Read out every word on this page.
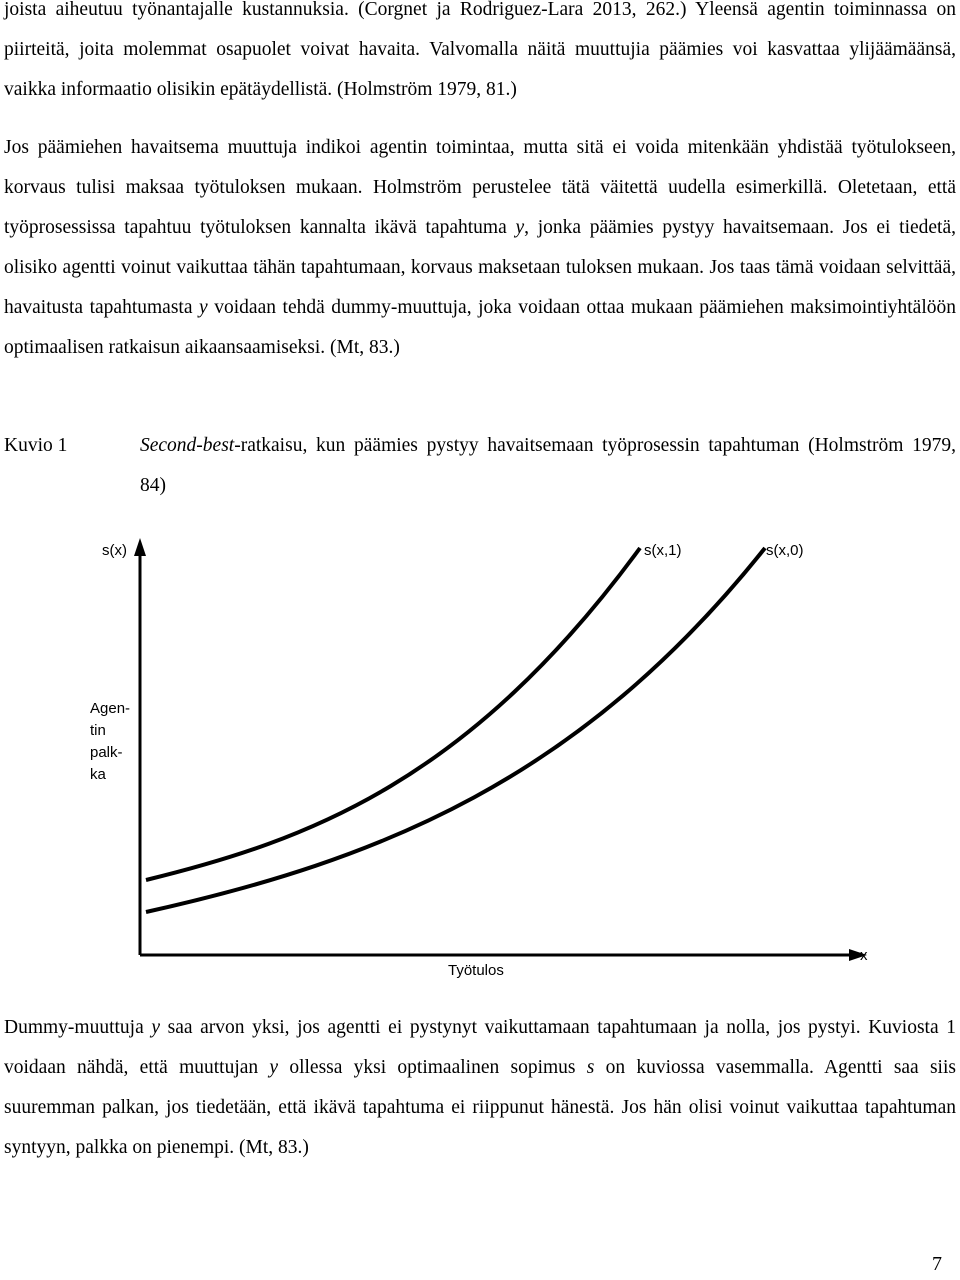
joista aiheutuu työnantajalle kustannuksia. (Corgnet ja Rodriguez-Lara 2013, 262.) Yleensä agentin toiminnassa on piirteitä, joita molemmat osapuolet voivat havaita. Valvomalla näitä muuttujia päämies voi kasvattaa ylijäämäänsä, vaikka informaatio olisikin epätäydellistä. (Holmström 1979, 81.)

Jos päämiehen havaitsema muuttuja indikoi agentin toimintaa, mutta sitä ei voida mitenkään yhdistää työtulokseen, korvaus tulisi maksaa työtuloksen mukaan. Holmström perustelee tätä väitettä uudella esimerkillä. Oletetaan, että työprosessissa tapahtuu työtuloksen kannalta ikävä tapahtuma y, jonka päämies pystyy havaitsemaan. Jos ei tiedetä, olisiko agentti voinut vaikuttaa tähän tapahtumaan, korvaus maksetaan tuloksen mukaan. Jos taas tämä voidaan selvittää, havaitusta tapahtumasta y voidaan tehdä dummy-muuttuja, joka voidaan ottaa mukaan päämiehen maksimointiyhtälöön optimaalisen ratkaisun aikaansaamiseksi. (Mt, 83.)

Kuvio 1	Second-best-ratkaisu, kun päämies pystyy havaitsemaan työprosessin tapahtuman (Holmström 1979, 84)
s(x)
x
s(x,1)	s(x,0)
Agen-
tin
palk-
ka
Työtulos

Dummy-muuttuja y saa arvon yksi, jos agentti ei pystynyt vaikuttamaan tapahtumaan ja nolla, jos pystyi. Kuviosta 1 voidaan nähdä, että muuttujan y ollessa yksi optimaalinen sopimus s on kuviossa vasemmalla. Agentti saa siis suuremman palkan, jos tiedetään, että ikävä tapahtuma ei riippunut hänestä. Jos hän olisi voinut vaikuttaa tapahtuman syntyyn, palkka on pienempi. (Mt, 83.)

7
